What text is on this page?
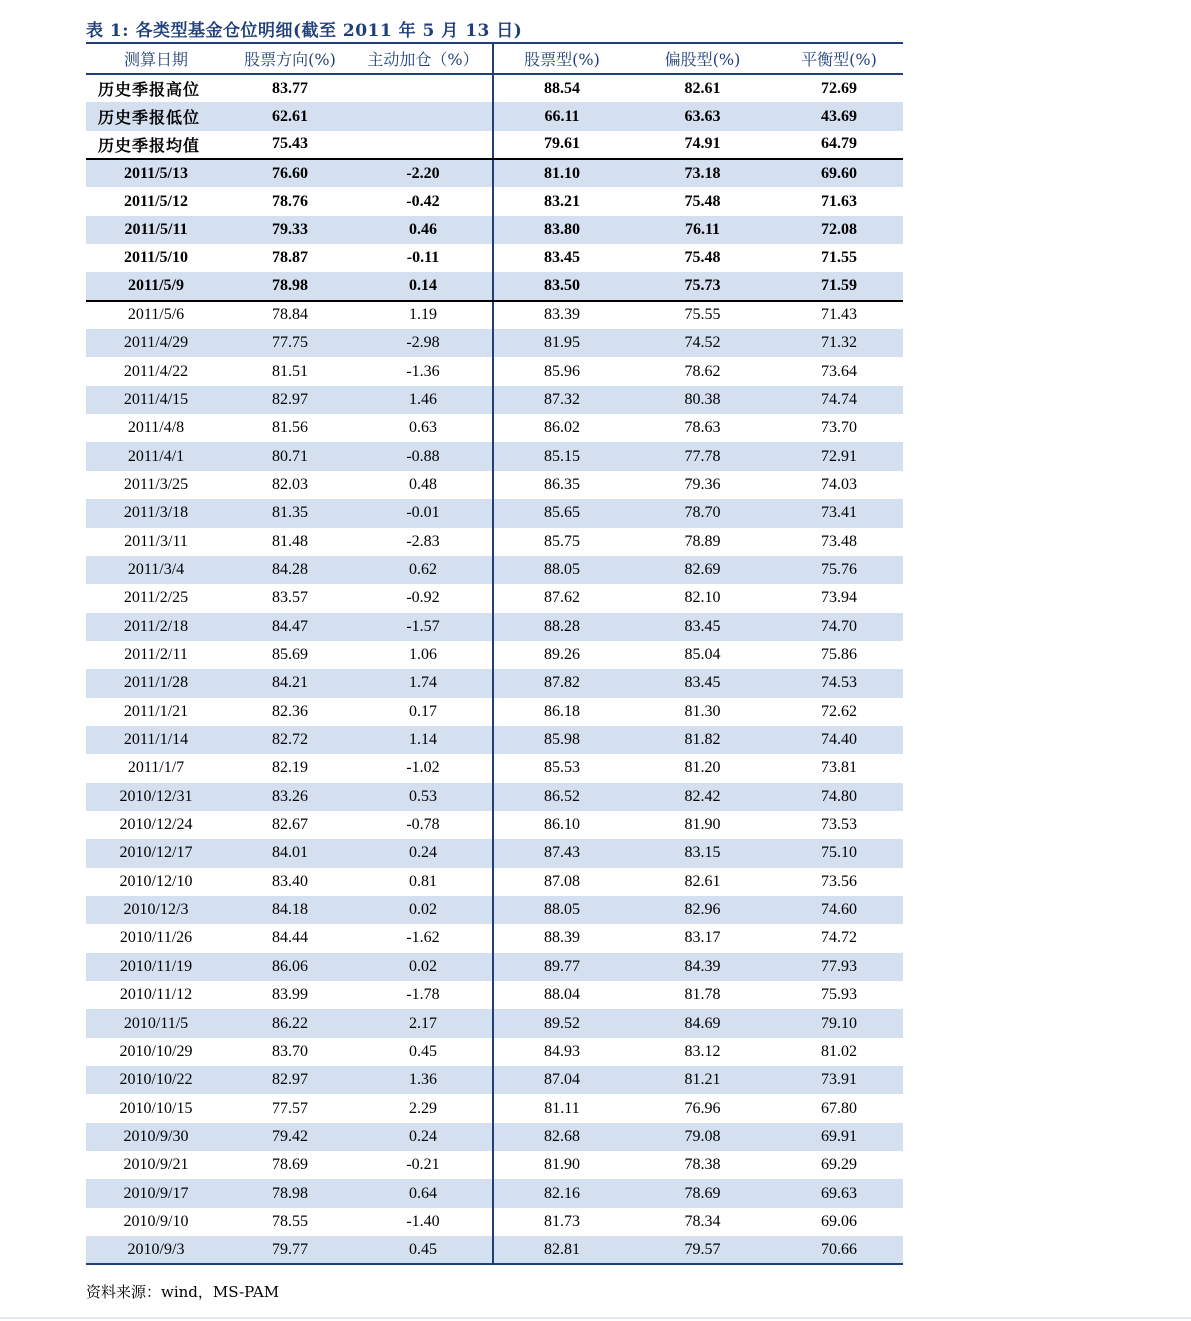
表 1: 各类型基金仓位明细(截至 2011 年 5 月 13 日)
测算日期	股票方向(%)	主动加仓（%）	股票型(%)	偏股型(%)	平衡型(%)
历史季报高位	83.77		88.54	82.61	72.69
历史季报低位	62.61		66.11	63.63	43.69
历史季报均值	75.43		79.61	74.91	64.79
2011/5/13	76.60	-2.20	81.10	73.18	69.60
2011/5/12	78.76	-0.42	83.21	75.48	71.63
2011/5/11	79.33	0.46	83.80	76.11	72.08
2011/5/10	78.87	-0.11	83.45	75.48	71.55
2011/5/9	78.98	0.14	83.50	75.73	71.59
2011/5/6	78.84	1.19	83.39	75.55	71.43
2011/4/29	77.75	-2.98	81.95	74.52	71.32
2011/4/22	81.51	-1.36	85.96	78.62	73.64
2011/4/15	82.97	1.46	87.32	80.38	74.74
2011/4/8	81.56	0.63	86.02	78.63	73.70
2011/4/1	80.71	-0.88	85.15	77.78	72.91
2011/3/25	82.03	0.48	86.35	79.36	74.03
2011/3/18	81.35	-0.01	85.65	78.70	73.41
2011/3/11	81.48	-2.83	85.75	78.89	73.48
2011/3/4	84.28	0.62	88.05	82.69	75.76
2011/2/25	83.57	-0.92	87.62	82.10	73.94
2011/2/18	84.47	-1.57	88.28	83.45	74.70
2011/2/11	85.69	1.06	89.26	85.04	75.86
2011/1/28	84.21	1.74	87.82	83.45	74.53
2011/1/21	82.36	0.17	86.18	81.30	72.62
2011/1/14	82.72	1.14	85.98	81.82	74.40
2011/1/7	82.19	-1.02	85.53	81.20	73.81
2010/12/31	83.26	0.53	86.52	82.42	74.80
2010/12/24	82.67	-0.78	86.10	81.90	73.53
2010/12/17	84.01	0.24	87.43	83.15	75.10
2010/12/10	83.40	0.81	87.08	82.61	73.56
2010/12/3	84.18	0.02	88.05	82.96	74.60
2010/11/26	84.44	-1.62	88.39	83.17	74.72
2010/11/19	86.06	0.02	89.77	84.39	77.93
2010/11/12	83.99	-1.78	88.04	81.78	75.93
2010/11/5	86.22	2.17	89.52	84.69	79.10
2010/10/29	83.70	0.45	84.93	83.12	81.02
2010/10/22	82.97	1.36	87.04	81.21	73.91
2010/10/15	77.57	2.29	81.11	76.96	67.80
2010/9/30	79.42	0.24	82.68	79.08	69.91
2010/9/21	78.69	-0.21	81.90	78.38	69.29
2010/9/17	78.98	0.64	82.16	78.69	69.63
2010/9/10	78.55	-1.40	81.73	78.34	69.06
2010/9/3	79.77	0.45	82.81	79.57	70.66
资料来源：wind，MS-PAM
